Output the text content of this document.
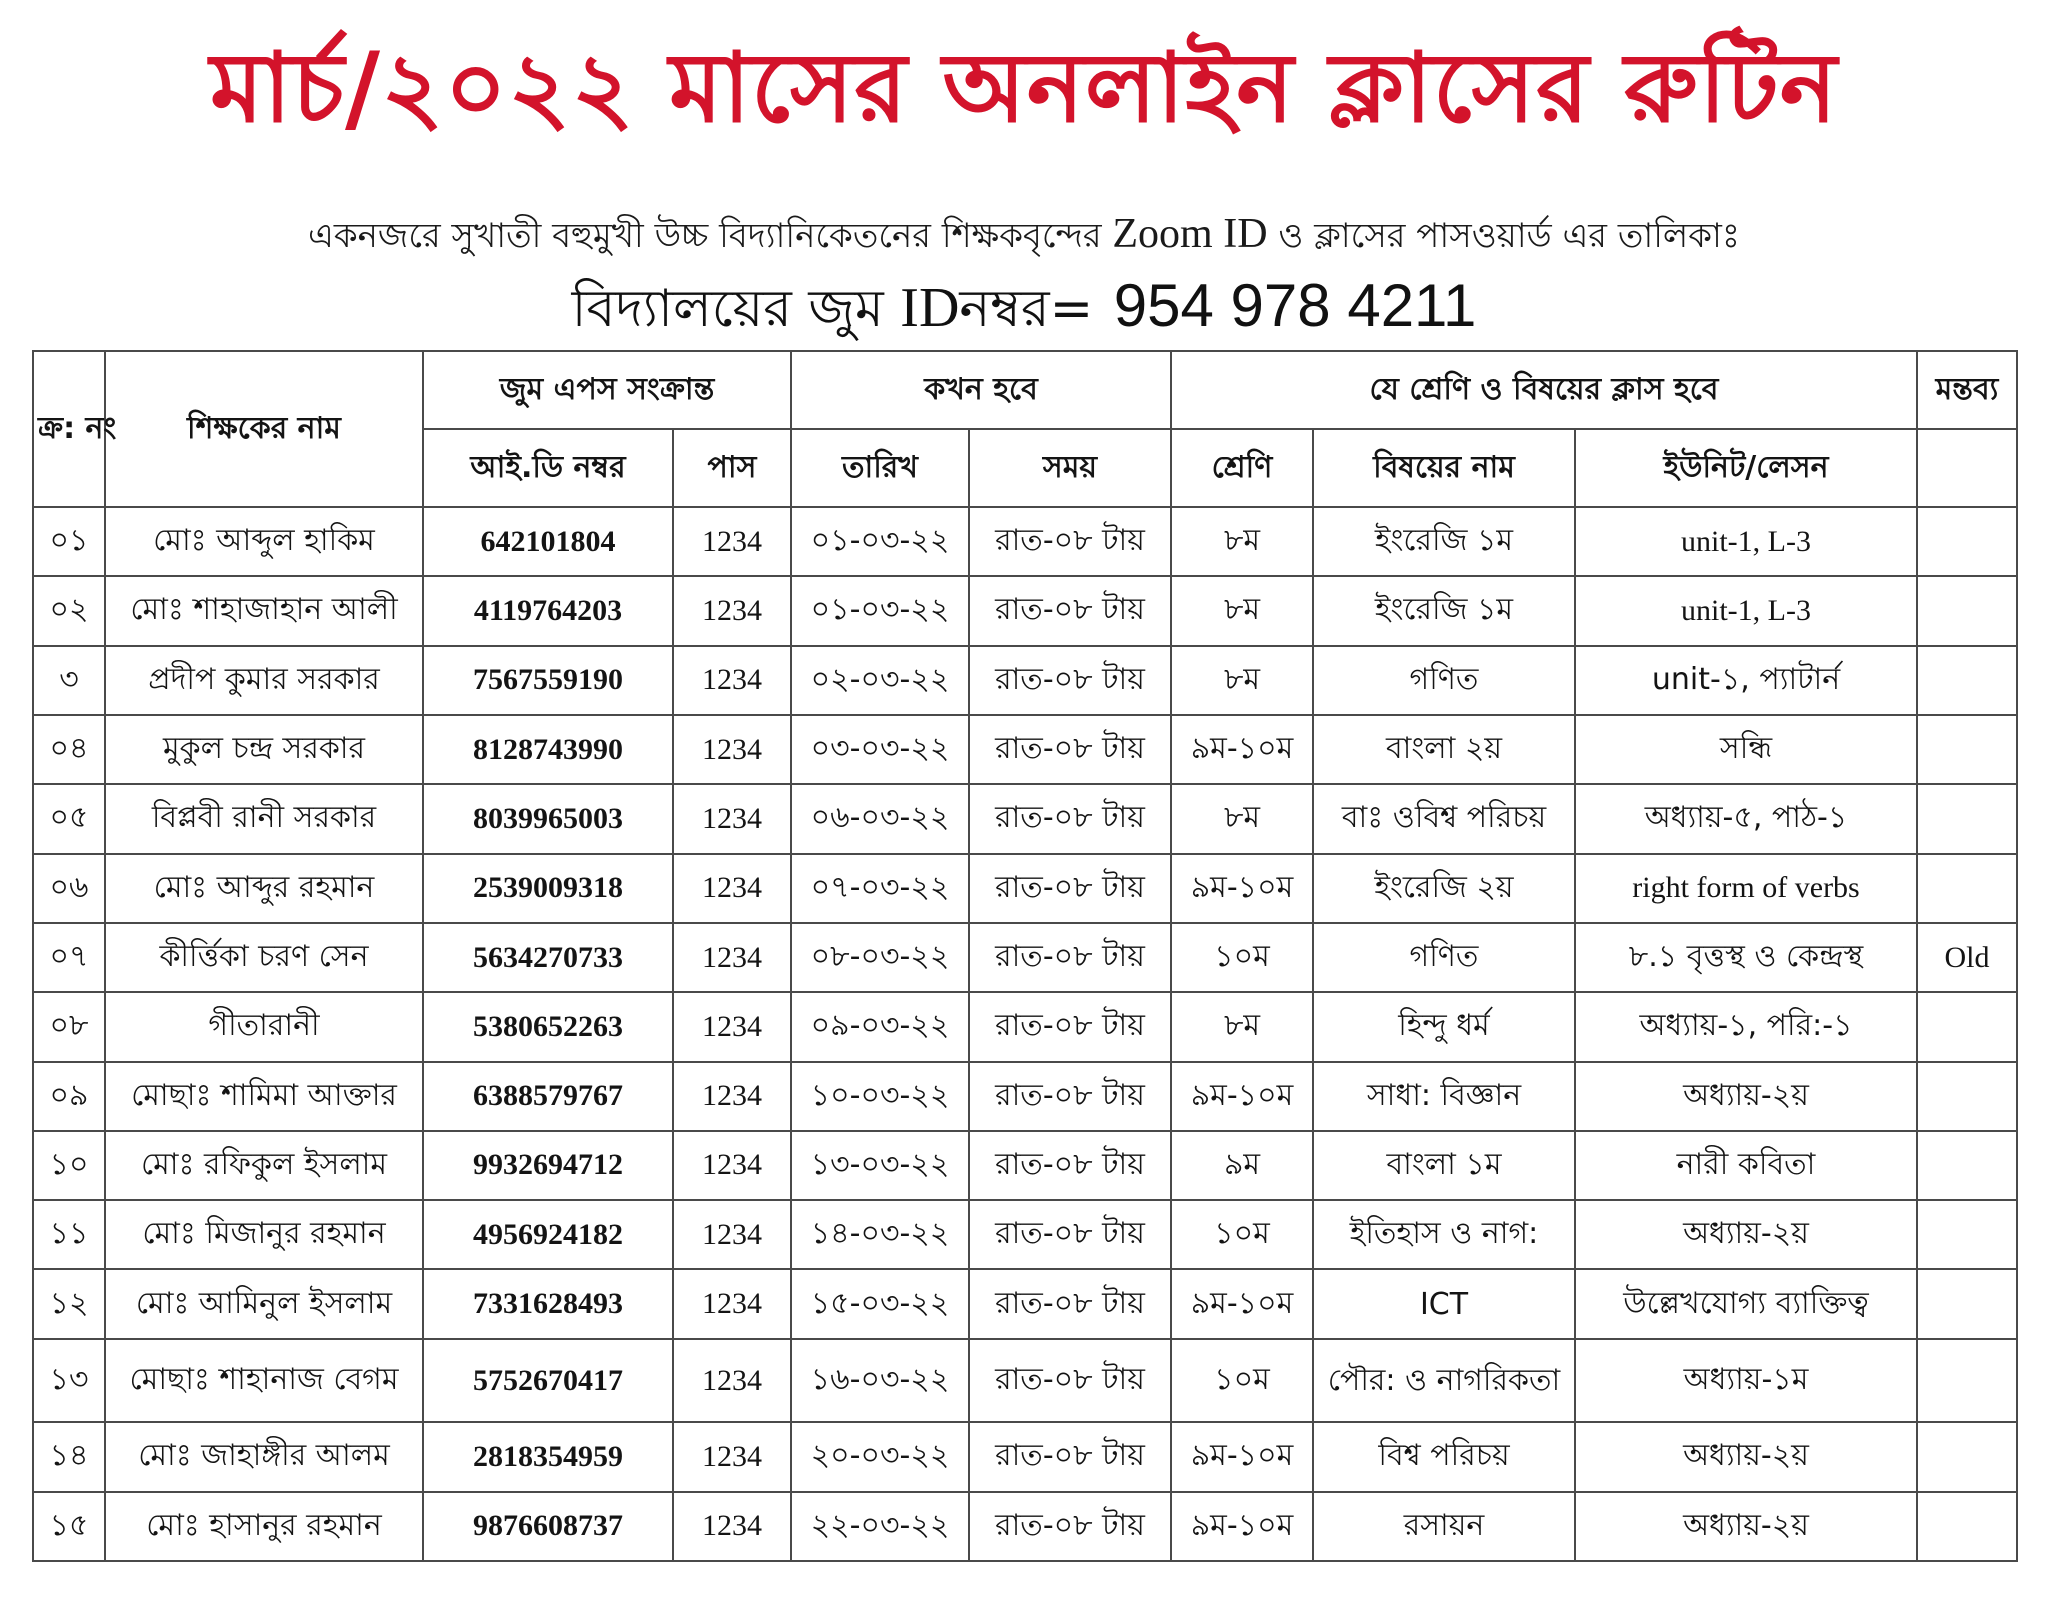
মার্চ/২০২২ মাসের অনলাইন ক্লাসের রুটিন
একনজরে সুখাতী বহুমুখী উচ্চ বিদ্যানিকেতনের শিক্ষকবৃন্দের Zoom ID ও ক্লাসের পাসওয়ার্ড এর তালিকাঃ
বিদ্যালয়ের জুম IDনম্বর= 954 978 4211
ক্র: নং	শিক্ষকের নাম	জুম এপস সংক্রান্ত		কখন হবে		যে শ্রেণি ও বিষয়ের ক্লাস হবে			মন্তব্য
		আই.ডি নম্বর	পাস	তারিখ	সময়	শ্রেণি	বিষয়ের নাম	ইউনিট/লেসন	
০১	মোঃ আব্দুল হাকিম	642101804	1234	০১-০৩-২২	রাত-০৮ টায়	৮ম	ইংরেজি ১ম	unit-1, L-3	
০২	মোঃ শাহাজাহান আলী	4119764203	1234	০১-০৩-২২	রাত-০৮ টায়	৮ম	ইংরেজি ১ম	unit-1, L-3	
৩	প্রদীপ কুমার সরকার	7567559190	1234	০২-০৩-২২	রাত-০৮ টায়	৮ম	গণিত	unit-১, প্যাটার্ন	
০৪	মুকুল চন্দ্র সরকার	8128743990	1234	০৩-০৩-২২	রাত-০৮ টায়	৯ম-১০ম	বাংলা ২য়	সন্ধি	
০৫	বিপ্লবী রানী সরকার	8039965003	1234	০৬-০৩-২২	রাত-০৮ টায়	৮ম	বাঃ ওবিশ্ব পরিচয়	অধ্যায়-৫, পাঠ-১	
০৬	মোঃ আব্দুর রহমান	2539009318	1234	০৭-০৩-২২	রাত-০৮ টায়	৯ম-১০ম	ইংরেজি ২য়	right form of verbs	
০৭	কীর্ত্তিকা চরণ সেন	5634270733	1234	০৮-০৩-২২	রাত-০৮ টায়	১০ম	গণিত	৮.১ বৃত্তস্থ ও কেন্দ্রস্থ	Old
০৮	গীতারানী	5380652263	1234	০৯-০৩-২২	রাত-০৮ টায়	৮ম	হিন্দু ধর্ম	অধ্যায়-১, পরি:-১	
০৯	মোছাঃ শামিমা আক্তার	6388579767	1234	১০-০৩-২২	রাত-০৮ টায়	৯ম-১০ম	সাধা: বিজ্ঞান	অধ্যায়-২য়	
১০	মোঃ রফিকুল ইসলাম	9932694712	1234	১৩-০৩-২২	রাত-০৮ টায়	৯ম	বাংলা ১ম	নারী কবিতা	
১১	মোঃ মিজানুর রহমান	4956924182	1234	১৪-০৩-২২	রাত-০৮ টায়	১০ম	ইতিহাস ও নাগ:	অধ্যায়-২য়	
১২	মোঃ আমিনুল ইসলাম	7331628493	1234	১৫-০৩-২২	রাত-০৮ টায়	৯ম-১০ম	ICT	উল্লেখযোগ্য ব্যাক্তিত্ব	
১৩	মোছাঃ শাহানাজ বেগম	5752670417	1234	১৬-০৩-২২	রাত-০৮ টায়	১০ম	পৌর: ও নাগরিকতা	অধ্যায়-১ম	
১৪	মোঃ জাহাঙ্গীর আলম	2818354959	1234	২০-০৩-২২	রাত-০৮ টায়	৯ম-১০ম	বিশ্ব পরিচয়	অধ্যায়-২য়	
১৫	মোঃ হাসানুর রহমান	9876608737	1234	২২-০৩-২২	রাত-০৮ টায়	৯ম-১০ম	রসায়ন	অধ্যায়-২য়	
